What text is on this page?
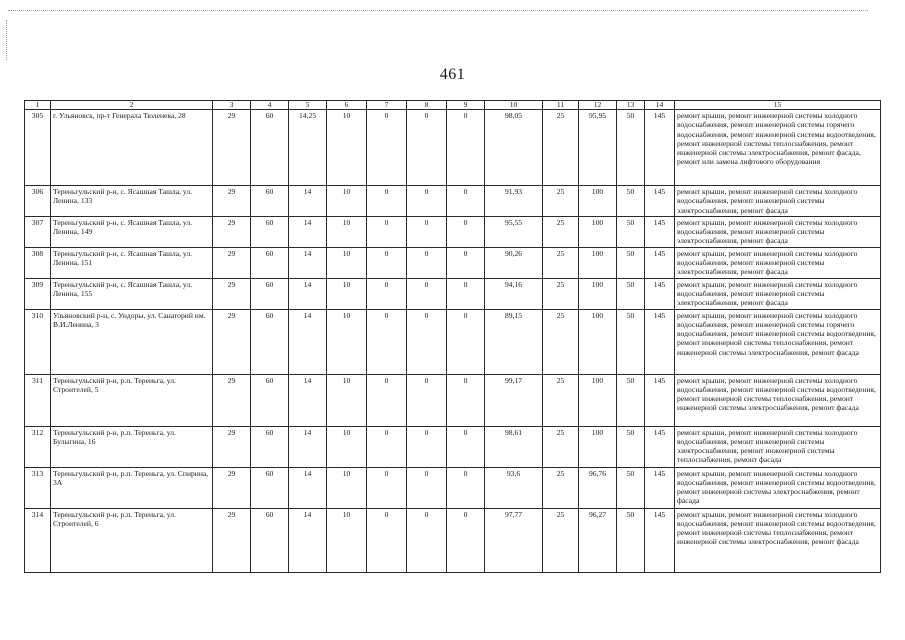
461
1	2	3	4	5	6	7	8	9	10	11	12	13	14	15
305	г. Ульяновск, пр-т Генерала Тюленева, 28	29	60	14,25	10	0	0	0	98,05	25	95,95	50	145	ремонт крыши, ремонт инженерной системы холодного водоснабжения, ремонт инженерной системы горячего водоснабжения, ремонт инженерной системы водоотведения, ремонт инженерной системы теплоснабжения, ремонт инженерной системы электроснабжения, ремонт фасада, ремонт или замена лифтового оборудования
306	Тереньгульский р-н, с. Ясашная Ташла, ул. Ленина, 133	29	60	14	10	0	0	0	91,93	25	100	50	145	ремонт крыши, ремонт инженерной системы холодного водоснабжения, ремонт инженерной системы электроснабжения, ремонт фасада
307	Тереньгульский р-н, с. Ясашная Ташла, ул. Ленина, 149	29	60	14	10	0	0	0	95,55	25	100	50	145	ремонт крыши, ремонт инженерной системы холодного водоснабжения, ремонт инженерной системы электроснабжения, ремонт фасада
308	Тереньгульский р-н, с. Ясашная Ташла, ул. Ленина, 151	29	60	14	10	0	0	0	90,26	25	100	50	145	ремонт крыши, ремонт инженерной системы холодного водоснабжения, ремонт инженерной системы электроснабжения, ремонт фасада
309	Тереньгульский р-н, с. Ясашная Ташла, ул. Ленина, 155	29	60	14	10	0	0	0	94,16	25	100	50	145	ремонт крыши, ремонт инженерной системы холодного водоснабжения, ремонт инженерной системы электроснабжения, ремонт фасада
310	Ульяновский р-н, с. Ундоры, ул. Санаторий им. В.И.Ленина, 3	29	60	14	10	0	0	0	89,15	25	100	50	145	ремонт крыши, ремонт инженерной системы холодного водоснабжения, ремонт инженерной системы горячего водоснабжения, ремонт инженерной системы водоотведения, ремонт инженерной системы теплоснабжения, ремонт инженерной системы электроснабжения, ремонт фасада
311	Тереньгульский р-н, р.п. Тереньга, ул. Строителей, 5	29	60	14	10	0	0	0	99,17	25	100	50	145	ремонт крыши, ремонт инженерной системы холодного водоснабжения, ремонт инженерной системы водоотведения, ремонт инженерной системы теплоснабжения, ремонт инженерной системы электроснабжения, ремонт фасада
312	Тереньгульский р-н, р.п. Тереньга, ул. Булыгина, 16	29	60	14	10	0	0	0	98,61	25	100	50	145	ремонт крыши, ремонт инженерной системы холодного водоснабжения, ремонт инженерной системы электроснабжения, ремонт инженерной системы теплоснабжения, ремонт фасада
313	Тереньгульский р-н, р.п. Тереньга, ул. Спирина, 3А	29	60	14	10	0	0	0	93,6	25	96,76	50	145	ремонт крыши, ремонт инженерной системы холодного водоснабжения, ремонт инженерной системы водоотведения, ремонт инженерной системы электроснабжения, ремонт фасада
314	Тереньгульский р-н, р.п. Тереньга, ул. Строителей, 6	29	60	14	10	0	0	0	97,77	25	96,27	50	145	ремонт крыши, ремонт инженерной системы холодного водоснабжения, ремонт инженерной системы водоотведения, ремонт инженерной системы теплоснабжения, ремонт инженерной системы электроснабжения, ремонт фасада
